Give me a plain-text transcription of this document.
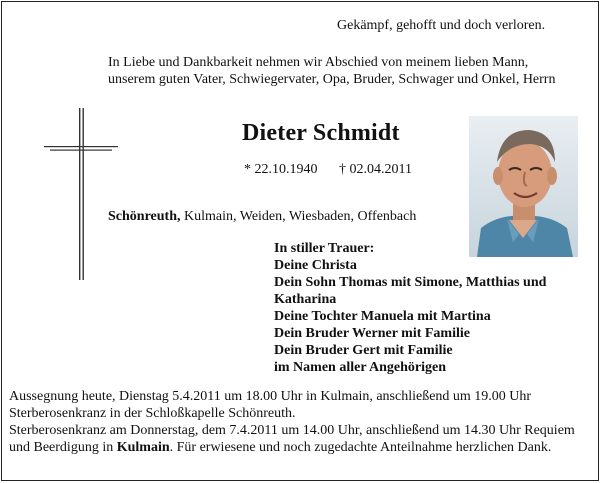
Gekämpf, gehofft und doch verloren.
In Liebe und Dankbarkeit nehmen wir Abschied von meinem lieben Mann, unserem guten Vater, Schwiegervater, Opa, Bruder, Schwager und Onkel, Herrn
Dieter Schmidt
* 22.10.1940 † 02.04.2011
Schönreuth, Kulmain, Weiden, Wiesbaden, Offenbach
In stiller Trauer:
Deine Christa
Dein Sohn Thomas mit Simone, Matthias und Katharina
Deine Tochter Manuela mit Martina
Dein Bruder Werner mit Familie
Dein Bruder Gert mit Familie
im Namen aller Angehörigen

Aussegnung heute, Dienstag 5.4.2011 um 18.00 Uhr in Kulmain, anschließend um 19.00 Uhr Sterberosenkranz in der Schloßkapelle Schönreuth.

Sterberosenkranz am Donnerstag, dem 7.4.2011 um 14.00 Uhr, anschließend um 14.30 Uhr Requiem und Beerdigung in Kulmain. Für erwiesene und noch zugedachte Anteilnahme herzlichen Dank.
